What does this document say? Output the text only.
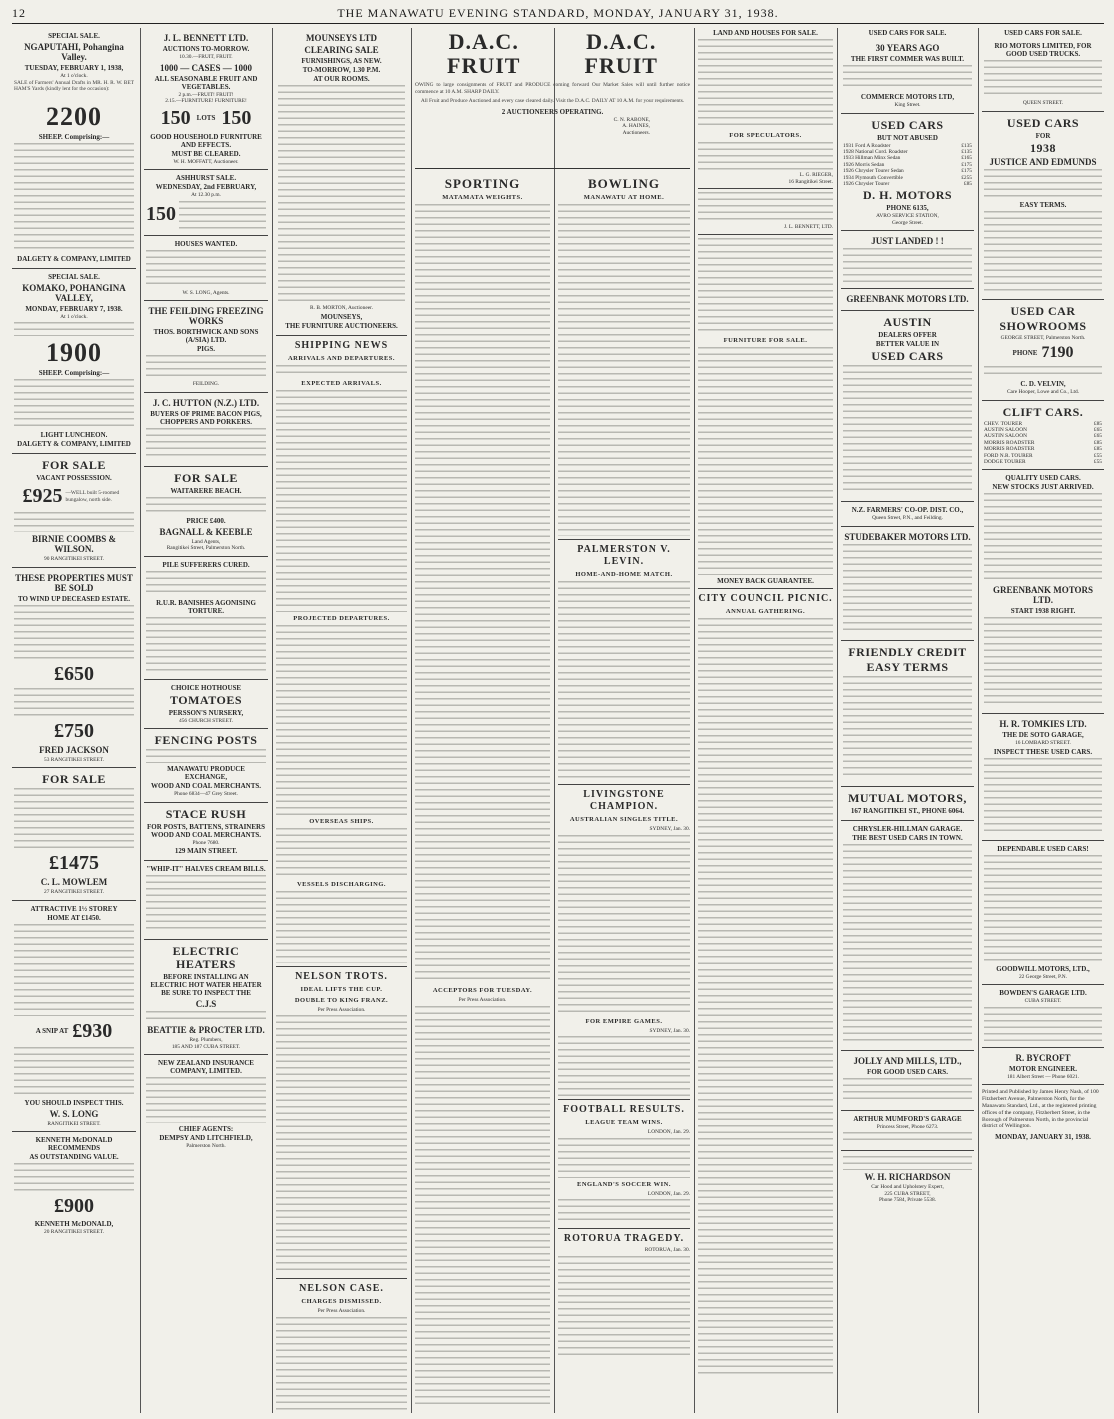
12	THE MANAWATU EVENING STANDARD, MONDAY, JANUARY 31, 1938.
SPECIAL SALE.
NGAPUTAHI, Pohangina Valley.
TUESDAY, FEBRUARY 1, 1938,
At 1 o'clock.
SALE of Farmers' Annual Drafts in MR. H. R. W. BETHAM'S Yards (kindly lent for the occasion):
2200
SHEEP. Comprising:—
DALGETY & COMPANY, LIMITED
SPECIAL SALE.
KOMAKO, POHANGINA VALLEY,
MONDAY, FEBRUARY 7, 1938.
At 1 o'clock.
1900
SHEEP. Comprising:—
LIGHT LUNCHEON.
DALGETY & COMPANY, LIMITED
FOR SALE
VACANT POSSESSION.
£925 —WELL built 5-roomed bungalow, north side.
BIRNIE COOMBS & WILSON.
90 RANGITIKEI STREET.
THESE PROPERTIES MUST BE SOLD
TO WIND UP DECEASED ESTATE.
£650
£750
FRED JACKSON
53 RANGITIKEI STREET.
FOR SALE
£1475
C. L. MOWLEM
27 RANGITIKEI STREET.
ATTRACTIVE 1½ STOREY
HOME AT £1450.
A SNIP AT £930
YOU SHOULD INSPECT THIS.
W. S. LONG
RANGITIKEI STREET.
KENNETH McDONALD RECOMMENDS
AS OUTSTANDING VALUE.
£900
KENNETH McDONALD,
20 RANGITIKEI STREET.
J. L. BENNETT LTD.
AUCTIONS TO-MORROW.
10.30.—FRUIT, FRUIT.
1000 — CASES — 1000
ALL SEASONABLE FRUIT AND VEGETABLES.
2 p.m.—FRUIT! FRUIT!
2.15.—FURNITURE! FURNITURE!
150 LOTS 150
GOOD HOUSEHOLD FURNITURE AND EFFECTS.
MUST BE CLEARED.
W. H. MOFFATT, Auctioneer.
ASHHURST SALE.
WEDNESDAY, 2nd FEBRUARY,
At 12.30 p.m.
150
HOUSES WANTED.
W. S. LONG, Agents.
THE FEILDING FREEZING WORKS
THOS. BORTHWICK AND SONS (A/SIA) LTD.
PIGS.
FEILDING.
J. C. HUTTON (N.Z.) LTD.
BUYERS OF PRIME BACON PIGS, CHOPPERS AND PORKERS.
FOR SALE
WAITARERE BEACH.
PRICE £400.
BAGNALL & KEEBLE
Land Agents,
Rangitikei Street, Palmerston North.
PILE SUFFERERS CURED.
R.U.R. BANISHES AGONISING TORTURE.
CHOICE HOTHOUSE
TOMATOES
PERSSON'S NURSERY,
456 CHURCH STREET.
FENCING POSTS
MANAWATU PRODUCE EXCHANGE,
WOOD AND COAL MERCHANTS.
Phone 6834—47 Grey Street.
STACE RUSH
FOR POSTS, BATTENS, STRAINERS WOOD AND COAL MERCHANTS.
Phone 7680.
129 MAIN STREET.
"WHIP-IT" HALVES CREAM BILLS.
ELECTRIC HEATERS
BEFORE INSTALLING AN ELECTRIC HOT WATER HEATER BE SURE TO INSPECT THE
C.J.S
BEATTIE & PROCTER LTD.
Reg. Plumbers,
185 AND 187 CUBA STREET.
NEW ZEALAND INSURANCE COMPANY, LIMITED.
CHIEF AGENTS:
DEMPSY AND LITCHFIELD,
Palmerston North.
MOUNSEYS LTD
CLEARING SALE
FURNISHINGS, AS NEW.
TO-MORROW, 1.30 P.M.
AT OUR ROOMS.
R. B. MORTON, Auctioneer.
MOUNSEYS,
THE FURNITURE AUCTIONEERS.
SHIPPING NEWS
ARRIVALS AND DEPARTURES.
EXPECTED ARRIVALS.
PROJECTED DEPARTURES.
OVERSEAS SHIPS.
VESSELS DISCHARGING.
NELSON TROTS.
IDEAL LIFTS THE CUP.
DOUBLE TO KING FRANZ.
Per Press Association.
NELSON CASE.
CHARGES DISMISSED.
Per Press Association.
D.A.C.
FRUIT
D.A.C.
FRUIT
OWING to large consignments of FRUIT and PRODUCE coming forward Our Market Sales will until further notice commence at 10 A.M. SHARP DAILY.
All Fruit and Produce Auctioned and every case cleared daily. Visit the D.A.C. DAILY AT 10 A.M. for your requirements.
2 AUCTIONEERS OPERATING.
C. N. RABONE,
A. HAINES,
Auctioneers.
SPORTING
MATAMATA WEIGHTS.
ACCEPTORS FOR TUESDAY.
Per Press Association.
BOWLING
MANAWATU AT HOME.
PALMERSTON V. LEVIN.
HOME-AND-HOME MATCH.
LIVINGSTONE CHAMPION.
AUSTRALIAN SINGLES TITLE.
SYDNEY, Jan. 30.
FOR EMPIRE GAMES.
SYDNEY, Jan. 30.
FOOTBALL RESULTS.
LEAGUE TEAM WINS.
LONDON, Jan. 29.
ENGLAND'S SOCCER WIN.
LONDON, Jan. 29.
ROTORUA TRAGEDY.
ROTORUA, Jan. 30.
LAND AND HOUSES FOR SALE.
FOR SPECULATORS.
L. G. RIEGER,
16 Rangitikei Street.
J. L. BENNETT, LTD.
FURNITURE FOR SALE.
MONEY BACK GUARANTEE.
CITY COUNCIL PICNIC.
ANNUAL GATHERING.
USED CARS FOR SALE.
30 YEARS AGO
THE FIRST COMMER WAS BUILT.
COMMERCE MOTORS LTD,
King Street.
USED CARS
BUT NOT ABUSED
1931 Ford A Roadster	£135
1928 National Cord. Roadster	£135
1933 Hillman Minx Sedan	£165
1926 Morris Sedan	£175
1926 Chrysler Tourer Sedan	£175
1934 Plymouth Convertible	£255
1926 Chrysler Tourer	£85
D. H. MOTORS
PHONE 6135,
AVRO SERVICE STATION,
George Street.
JUST LANDED ! !
GREENBANK MOTORS LTD.
AUSTIN
DEALERS OFFER
BETTER VALUE IN
USED CARS
N.Z. FARMERS' CO-OP. DIST. CO.,
Queen Street, P.N., and Feilding.
STUDEBAKER MOTORS LTD.
FRIENDLY CREDIT
EASY TERMS
MUTUAL MOTORS,
167 RANGITIKEI ST., PHONE 6064.
CHRYSLER-HILLMAN GARAGE.
THE BEST USED CARS IN TOWN.
JOLLY AND MILLS, LTD.,
FOR GOOD USED CARS.
ARTHUR MUMFORD'S GARAGE
Princess Street, Phone 6273.
W. H. RICHARDSON
Car Hood and Upholstery Expert,
225 CUBA STREET,
Phone 7584, Private 5538.
USED CARS FOR SALE.
RIO MOTORS LIMITED, FOR GOOD USED TRUCKS.
QUEEN STREET.
USED CARS
FOR
1938
JUSTICE AND EDMUNDS
EASY TERMS.
USED CAR
SHOWROOMS
GEORGE STREET, Palmerston North.
PHONE 7190
C. D. VELVIN,
Care Hooper, Lowe and Co., Ltd.
CLIFT CARS.
CHEV. TOURER	£85
AUSTIN SALOON	£65
AUSTIN SALOON	£65
MORRIS ROADSTER	£85
MORRIS ROADSTER	£85
FORD N.R. TOURER	£55
DODGE TOURER	£55
QUALITY USED CARS.
NEW STOCKS JUST ARRIVED.
GREENBANK MOTORS LTD.
START 1938 RIGHT.
H. R. TOMKIES LTD.
THE DE SOTO GARAGE,
16 LOMBARD STREET.
INSPECT THESE USED CARS.
DEPENDABLE USED CARS!
GOODWILL MOTORS, LTD.,
22 George Street, P.N.
BOWDEN'S GARAGE LTD.
CUBA STREET.
R. BYCROFT
MOTOR ENGINEER.
181 Albert Street — Phone 6021.
Printed and Published by James Henry Nash, of 100 Fitzherbert Avenue, Palmerston North, for the Manawatu Standard, Ltd., at the registered printing offices of the company, Fitzherbert Street, in the Borough of Palmerston North, in the provincial district of Wellington.
MONDAY, JANUARY 31, 1938.
